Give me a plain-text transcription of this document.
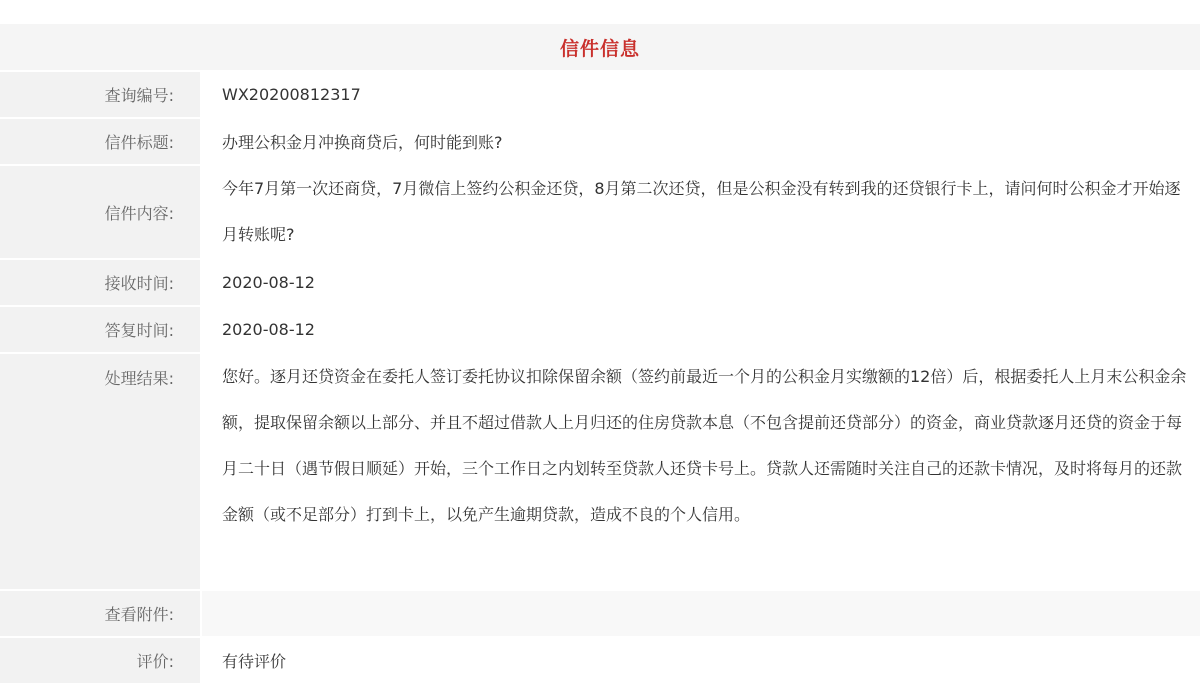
信件信息
查询编号:	WX20200812317
信件标题:	办理公积金月冲换商贷后，何时能到账?
信件内容:
今年7月第一次还商贷，7月微信上签约公积金还贷，8月第二次还贷，但是公积金没有转到我的还贷银行卡上，请问何时公积金才开始逐月转账呢?
接收时间:	2020-08-12
答复时间:	2020-08-12
处理结果:	您好。逐月还贷资金在委托人签订委托协议扣除保留余额（签约前最近一个月的公积金月实缴额的12倍）后，根据委托人上月末公积金余额，提取保留余额以上部分、并且不超过借款人上月归还的住房贷款本息（不包含提前还贷部分）的资金，商业贷款逐月还贷的资金于每月二十日（遇节假日顺延）开始，三个工作日之内划转至贷款人还贷卡号上。贷款人还需随时关注自己的还款卡情况，及时将每月的还款金额（或不足部分）打到卡上，以免产生逾期贷款，造成不良的个人信用。
查看附件:
评价:	有待评价
